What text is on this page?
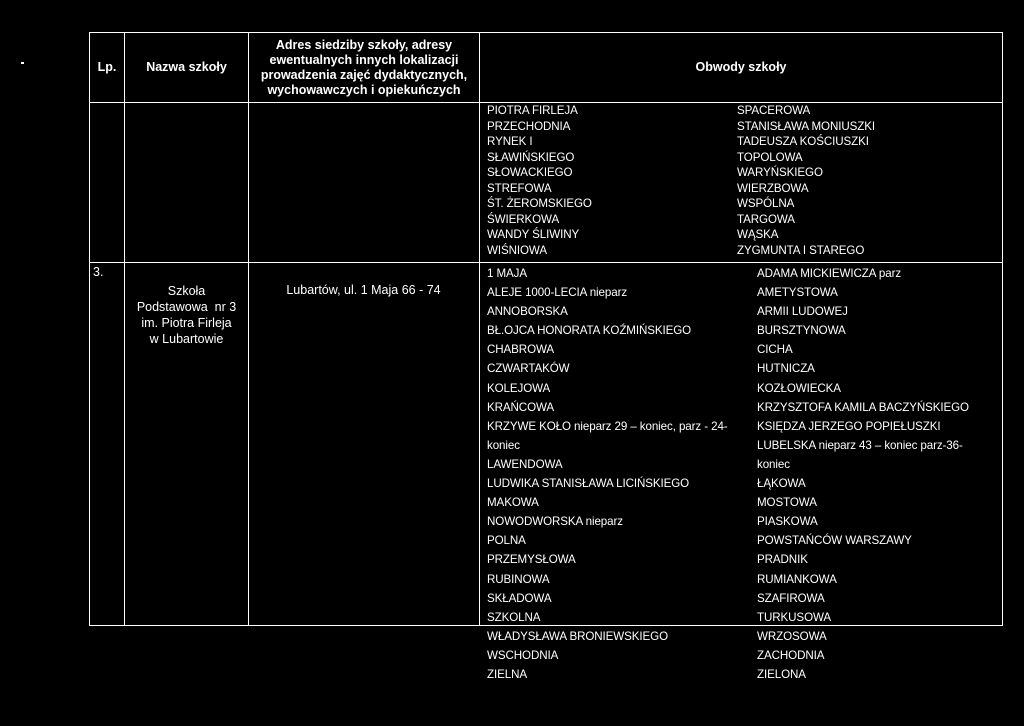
Lp.	Nazwa szkoły
Adres siedziby szkoły, adresy ewentualnych innych lokalizacji prowadzenia zajęć dydaktycznych, wychowawczych i opiekuńczych
Obwody szkoły
PIOTRA FIRLEJA
PRZECHODNIA
RYNEK I
SŁAWIŃSKIEGO
SŁOWACKIEGO
STREFOWA
ŚT. ŻEROMSKIEGO
ŚWIERKOWA
WANDY ŚLIWINY
WIŚNIOWA
SPACEROWA
STANISŁAWA MONIUSZKI
TADEUSZA KOŚCIUSZKI
TOPOLOWA
WARYŃSKIEGO
WIERZBOWA
WSPÓLNA
TARGOWA
WĄSKA
ZYGMUNTA I STAREGO
3.
Szkoła
Podstawowa  nr 3
im. Piotra Firleja
w Lubartowie
Lubartów, ul. 1 Maja 66 - 74
1 MAJA
ALEJE 1000-LECIA nieparz
ANNOBORSKA
BŁ.OJCA HONORATA KOŹMIŃSKIEGO
CHABROWA
CZWARTAKÓW
KOLEJOWA
KRAŃCOWA
KRZYWE KOŁO nieparz 29 – koniec, parz - 24-
koniec
LAWENDOWA
LUDWIKA STANISŁAWA LICIŃSKIEGO
MAKOWA
NOWODWORSKA nieparz
POLNA
PRZEMYSŁOWA
RUBINOWA
SKŁADOWA
SZKOLNA
WŁADYSŁAWA BRONIEWSKIEGO
WSCHODNIA
ZIELNA
ADAMA MICKIEWICZA parz
AMETYSTOWA
ARMII LUDOWEJ
BURSZTYNOWA
CICHA
HUTNICZA
KOZŁOWIECKA
KRZYSZTOFA KAMILA BACZYŃSKIEGO
KSIĘDZA JERZEGO POPIEŁUSZKI
LUBELSKA nieparz 43 – koniec parz-36-
koniec
ŁĄKOWA
MOSTOWA
PIASKOWA
POWSTAŃCÓW WARSZAWY
PRADNIK
RUMIANKOWA
SZAFIROWA
TURKUSOWA
WRZOSOWA
ZACHODNIA
ZIELONA
